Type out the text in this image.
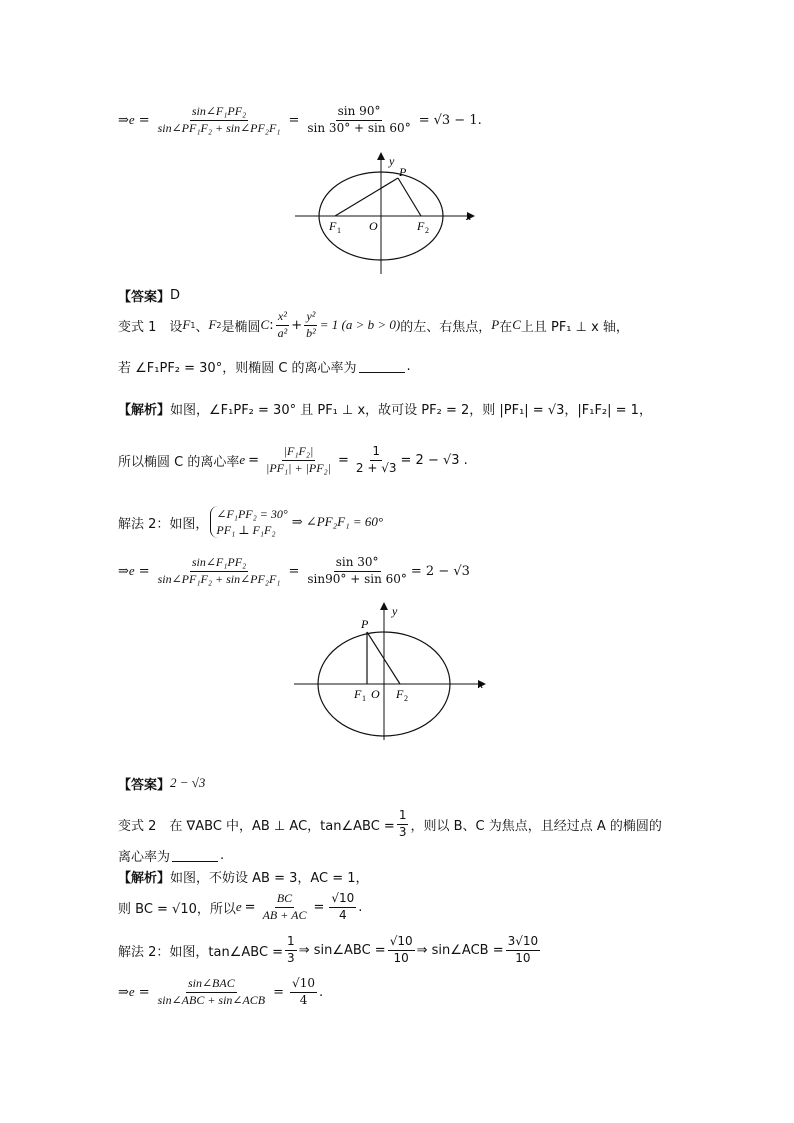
⇒ $e = \frac{\text{sin∠F₁PF₂}}{\text{sin∠PF₁F₂ + sin∠PF₂F₁}} = \frac{\sin 90^\circ}{\sin 30^\circ + \sin 60^\circ} = √3 - 1$.
y
x
P
F 1 O	F 2
【答案】 D
变式 1　设 F 1 、 F 2 是椭圆 C : $\frac{\text{x²}}{\text{a²}} + \frac{\text{y²}}{\text{b²}} = 1$ (a > b > 0) 的左、右焦点， P 在 C 上且 PF₁ ⊥ x 轴，
若 ∠F₁PF₂ = 30°，则椭圆 C 的离心率为	.
【解析】 如图，∠F₁PF₂ = 30° 且 PF₁ ⊥ x，故可设 PF₂ = 2，则 |PF₁| = √3，|F₁F₂| = 1，
所以椭圆 C 的离心率 $e = \frac{\text{|F₁F₂|}}{\text{|PF₁| + |PF₂|}} = \frac{1}{2 + √3} = 2 - √3$ .
解法 2：如图，
∠F₁PF₂ = 30°
PF₁ ⊥ F₁F₂
⇒ ∠PF₂F₁ = 60°
⇒ $e = \frac{\text{sin∠F₁PF₂}}{\text{sin∠PF₁F₂ + sin∠PF₂F₁}} = \frac{\sin 30^\circ}{\sin 90^\circ + \sin 60^\circ} = 2 - √3$
y
x
P
F 1 O F 2
【答案】 2 − √3
变式 2　在 ∇ABC 中，AB ⊥ AC，tan∠ABC = $\frac{1}{3}$ ，则以 B、C 为焦点，且经过点 A 的椭圆的
离心率为	.
【解析】 如图，不妨设 AB = 3，AC = 1，
则 BC = √10，所以 $e = \frac{BC}{AB + AC} = \frac{√10}{4}$ .
解法 2：如图，tan∠ABC = $\frac{1}{3}$ ⇒ sin∠ABC = $\frac{√10}{10}$ ⇒ sin∠ACB = $\frac{3√10}{10}$
⇒ $e = \frac{\text{sin∠BAC}}{\text{sin∠ABC + sin∠ACB}} = \frac{√10}{4}$ .
